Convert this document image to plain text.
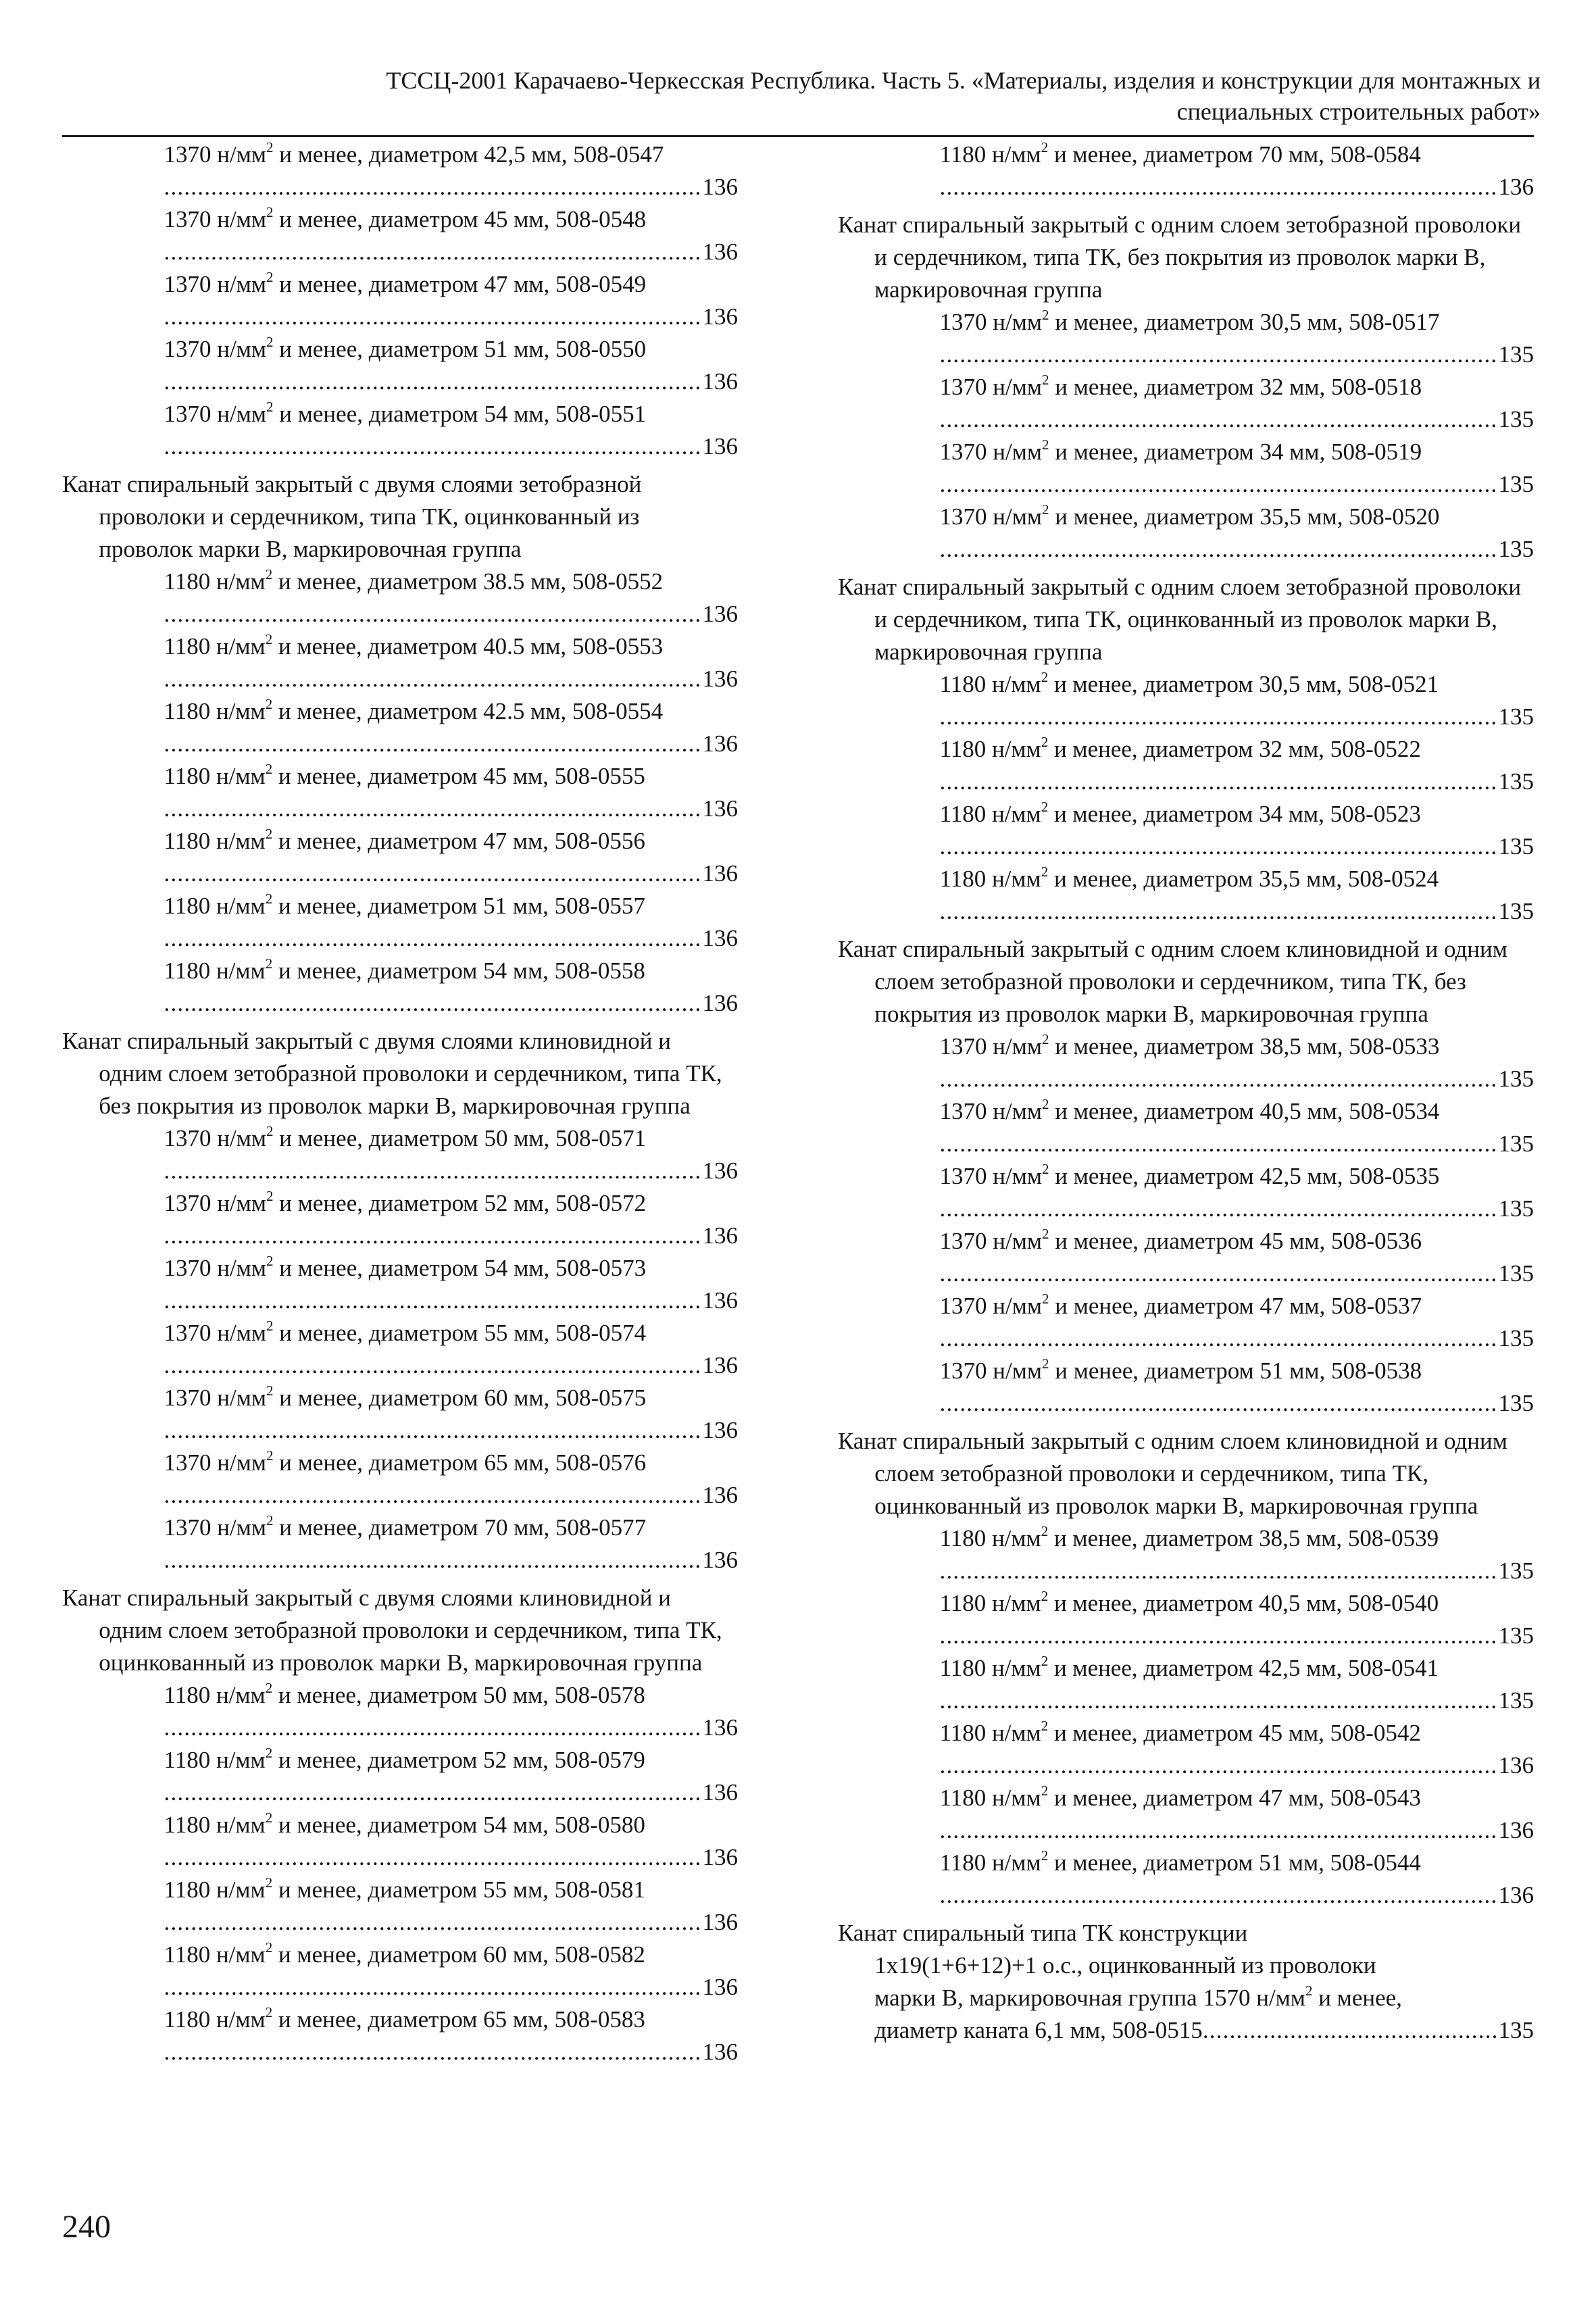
ТССЦ-2001 Карачаево-Черкесская Республика. Часть 5. «Материалы, изделия и конструкции для монтажных и
специальных строительных работ»
1370 $н/мм^2$ и менее, диаметром 42,5 мм, 508-0547
.....
136
1370 $н/мм^2$ и менее, диаметром 45 мм, 508-0548
.....
136
1370 $н/мм^2$ и менее, диаметром 47 мм, 508-0549
.....
136
1370 $н/мм^2$ и менее, диаметром 51 мм, 508-0550
.....
136
1370 $н/мм^2$ и менее, диаметром 54 мм, 508-0551
.....
136
Канат спиральный закрытый с двумя слоями зетобразной проволоки и сердечником, типа ТК, оцинкованный из проволок марки В, маркировочная группа
1180 $н/мм^2$ и менее, диаметром 38.5 мм, 508-0552
.....
136
1180 $н/мм^2$ и менее, диаметром 40.5 мм, 508-0553
.....
136
1180 $н/мм^2$ и менее, диаметром 42.5 мм, 508-0554
.....
136
1180 $н/мм^2$ и менее, диаметром 45 мм, 508-0555
.....
136
1180 $н/мм^2$ и менее, диаметром 47 мм, 508-0556
.....
136
1180 $н/мм^2$ и менее, диаметром 51 мм, 508-0557
.....
136
1180 $н/мм^2$ и менее, диаметром 54 мм, 508-0558
.....
136
Канат спиральный закрытый с двумя слоями клиновидной и одним слоем зетобразной проволоки и сердечником, типа ТК, без покрытия из проволок марки В, маркировочная группа
1370 $н/мм^2$ и менее, диаметром 50 мм, 508-0571
.....
136
1370 $н/мм^2$ и менее, диаметром 52 мм, 508-0572
.....
136
1370 $н/мм^2$ и менее, диаметром 54 мм, 508-0573
.....
136
1370 $н/мм^2$ и менее, диаметром 55 мм, 508-0574
.....
136
1370 $н/мм^2$ и менее, диаметром 60 мм, 508-0575
.....
136
1370 $н/мм^2$ и менее, диаметром 65 мм, 508-0576
.....
136
1370 $н/мм^2$ и менее, диаметром 70 мм, 508-0577
.....
136
Канат спиральный закрытый с двумя слоями клиновидной и одним слоем зетобразной проволоки и сердечником, типа ТК, оцинкованный из проволок марки В, маркировочная группа
1180 $н/мм^2$ и менее, диаметром 50 мм, 508-0578
.....
136
1180 $н/мм^2$ и менее, диаметром 52 мм, 508-0579
.....
136
1180 $н/мм^2$ и менее, диаметром 54 мм, 508-0580
.....
136
1180 $н/мм^2$ и менее, диаметром 55 мм, 508-0581
.....
136
1180 $н/мм^2$ и менее, диаметром 60 мм, 508-0582
.....
136
1180 $н/мм^2$ и менее, диаметром 65 мм, 508-0583
.....
136
1180 $н/мм^2$ и менее, диаметром 70 мм, 508-0584
.....
136
Канат спиральный закрытый с одним слоем зетобразной проволоки и сердечником, типа ТК, без покрытия из проволок марки В, маркировочная группа
1370 $н/мм^2$ и менее, диаметром 30,5 мм, 508-0517
.....
135
1370 $н/мм^2$ и менее, диаметром 32 мм, 508-0518
.....
135
1370 $н/мм^2$ и менее, диаметром 34 мм, 508-0519
.....
135
1370 $н/мм^2$ и менее, диаметром 35,5 мм, 508-0520
.....
135
Канат спиральный закрытый с одним слоем зетобразной проволоки и сердечником, типа ТК, оцинкованный из проволок марки В, маркировочная группа
1180 $н/мм^2$ и менее, диаметром 30,5 мм, 508-0521
.....
135
1180 $н/мм^2$ и менее, диаметром 32 мм, 508-0522
.....
135
1180 $н/мм^2$ и менее, диаметром 34 мм, 508-0523
.....
135
1180 $н/мм^2$ и менее, диаметром 35,5 мм, 508-0524
.....
135
Канат спиральный закрытый с одним слоем клиновидной и одним слоем зетобразной проволоки и сердечником, типа ТК, без покрытия из проволок марки В, маркировочная группа
1370 $н/мм^2$ и менее, диаметром 38,5 мм, 508-0533
.....
135
1370 $н/мм^2$ и менее, диаметром 40,5 мм, 508-0534
.....
135
1370 $н/мм^2$ и менее, диаметром 42,5 мм, 508-0535
.....
135
1370 $н/мм^2$ и менее, диаметром 45 мм, 508-0536
.....
135
1370 $н/мм^2$ и менее, диаметром 47 мм, 508-0537
.....
135
1370 $н/мм^2$ и менее, диаметром 51 мм, 508-0538
.....
135
Канат спиральный закрытый с одним слоем клиновидной и одним слоем зетобразной проволоки и сердечником, типа ТК, оцинкованный из проволок марки В, маркировочная группа
1180 $н/мм^2$ и менее, диаметром 38,5 мм, 508-0539
.....
135
1180 $н/мм^2$ и менее, диаметром 40,5 мм, 508-0540
.....
135
1180 $н/мм^2$ и менее, диаметром 42,5 мм, 508-0541
.....
135
1180 $н/мм^2$ и менее, диаметром 45 мм, 508-0542
.....
136
1180 $н/мм^2$ и менее, диаметром 47 мм, 508-0543
.....
136
1180 $н/мм^2$ и менее, диаметром 51 мм, 508-0544
.....
136
Канат спиральный типа ТК конструкции
1x19(1+6+12)+1 о.с., оцинкованный из проволоки
марки В, маркировочная группа 1570 $н/мм^2$ и менее,
диаметр каната 6,1 мм, 508-0515
.....	135
240
